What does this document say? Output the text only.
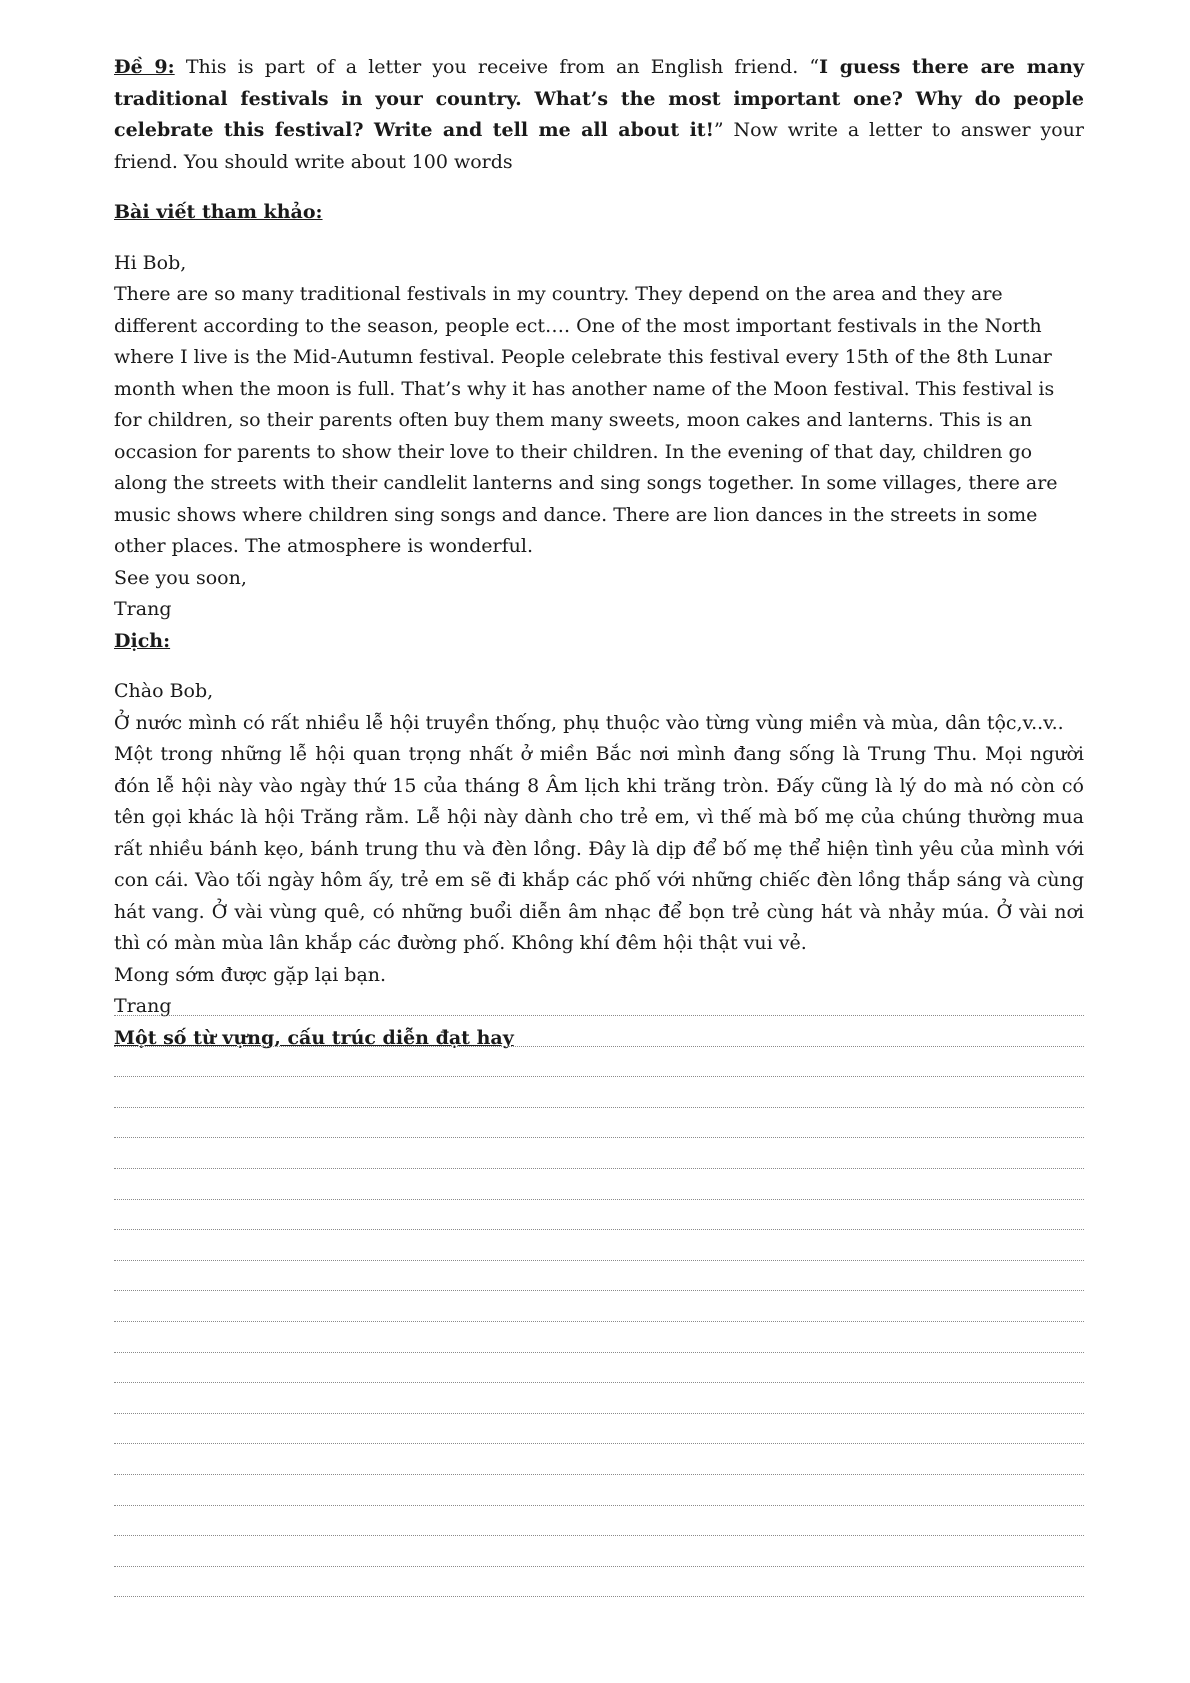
Đề 9: This is part of a letter you receive from an English friend. “I guess there are many traditional festivals in your country. What’s the most important one? Why do people celebrate this festival? Write and tell me all about it!” Now write a letter to answer your friend. You should write about 100 words

Bài viết tham khảo:

Hi Bob,

There are so many traditional festivals in my country. They depend on the area and they are different according to the season, people ect…. One of the most important festivals in the North where I live is the Mid-Autumn festival. People celebrate this festival every 15th of the 8th Lunar month when the moon is full. That’s why it has another name of the Moon festival. This festival is for children, so their parents often buy them many sweets, moon cakes and lanterns. This is an occasion for parents to show their love to their children. In the evening of that day, children go along the streets with their candlelit lanterns and sing songs together. In some villages, there are music shows where children sing songs and dance. There are lion dances in the streets in some other places. The atmosphere is wonderful.

See you soon,

Trang

Dịch:

Chào Bob,

Ở nước mình có rất nhiều lễ hội truyền thống, phụ thuộc vào từng vùng miền và mùa, dân tộc,v..v..

Một trong những lễ hội quan trọng nhất ở miền Bắc nơi mình đang sống là Trung Thu. Mọi người đón lễ hội này vào ngày thứ 15 của tháng 8 Âm lịch khi trăng tròn. Đấy cũng là lý do mà nó còn có tên gọi khác là hội Trăng rằm. Lễ hội này dành cho trẻ em, vì thế mà bố mẹ của chúng thường mua rất nhiều bánh kẹo, bánh trung thu và đèn lồng. Đây là dịp để bố mẹ thể hiện tình yêu của mình với con cái. Vào tối ngày hôm ấy, trẻ em sẽ đi khắp các phố với những chiếc đèn lồng thắp sáng và cùng hát vang. Ở vài vùng quê, có những buổi diễn âm nhạc để bọn trẻ cùng hát và nhảy múa. Ở vài nơi thì có màn mùa lân khắp các đường phố. Không khí đêm hội thật vui vẻ.

Mong sớm được gặp lại bạn.

Trang

Một số từ vựng, cấu trúc diễn đạt hay
